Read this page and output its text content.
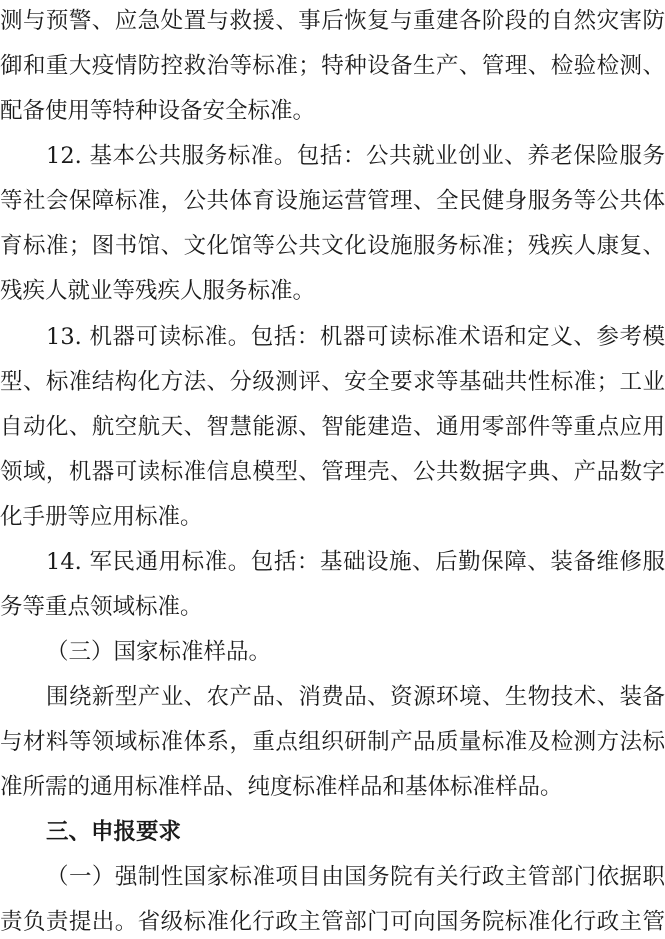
测与预警、应急处置与救援、事后恢复与重建各阶段的自然灾害防
御和重大疫情防控救治等标准；特种设备生产、管理、检验检测、
配备使用等特种设备安全标准。
12. 基本公共服务标准。包括：公共就业创业、养老保险服务
等社会保障标准，公共体育设施运营管理、全民健身服务等公共体
育标准；图书馆、文化馆等公共文化设施服务标准；残疾人康复、
残疾人就业等残疾人服务标准。
13. 机器可读标准。包括：机器可读标准术语和定义、参考模
型、标准结构化方法、分级测评、安全要求等基础共性标准；工业
自动化、航空航天、智慧能源、智能建造、通用零部件等重点应用
领域，机器可读标准信息模型、管理壳、公共数据字典、产品数字
化手册等应用标准。
14. 军民通用标准。包括：基础设施、后勤保障、装备维修服
务等重点领域标准。
（三）国家标准样品。
围绕新型产业、农产品、消费品、资源环境、生物技术、装备
与材料等领域标准体系，重点组织研制产品质量标准及检测方法标
准所需的通用标准样品、纯度标准样品和基体标准样品。
三、申报要求
（一）强制性国家标准项目由国务院有关行政主管部门依据职
责负责提出。省级标准化行政主管部门可向国务院标准化行政主管
